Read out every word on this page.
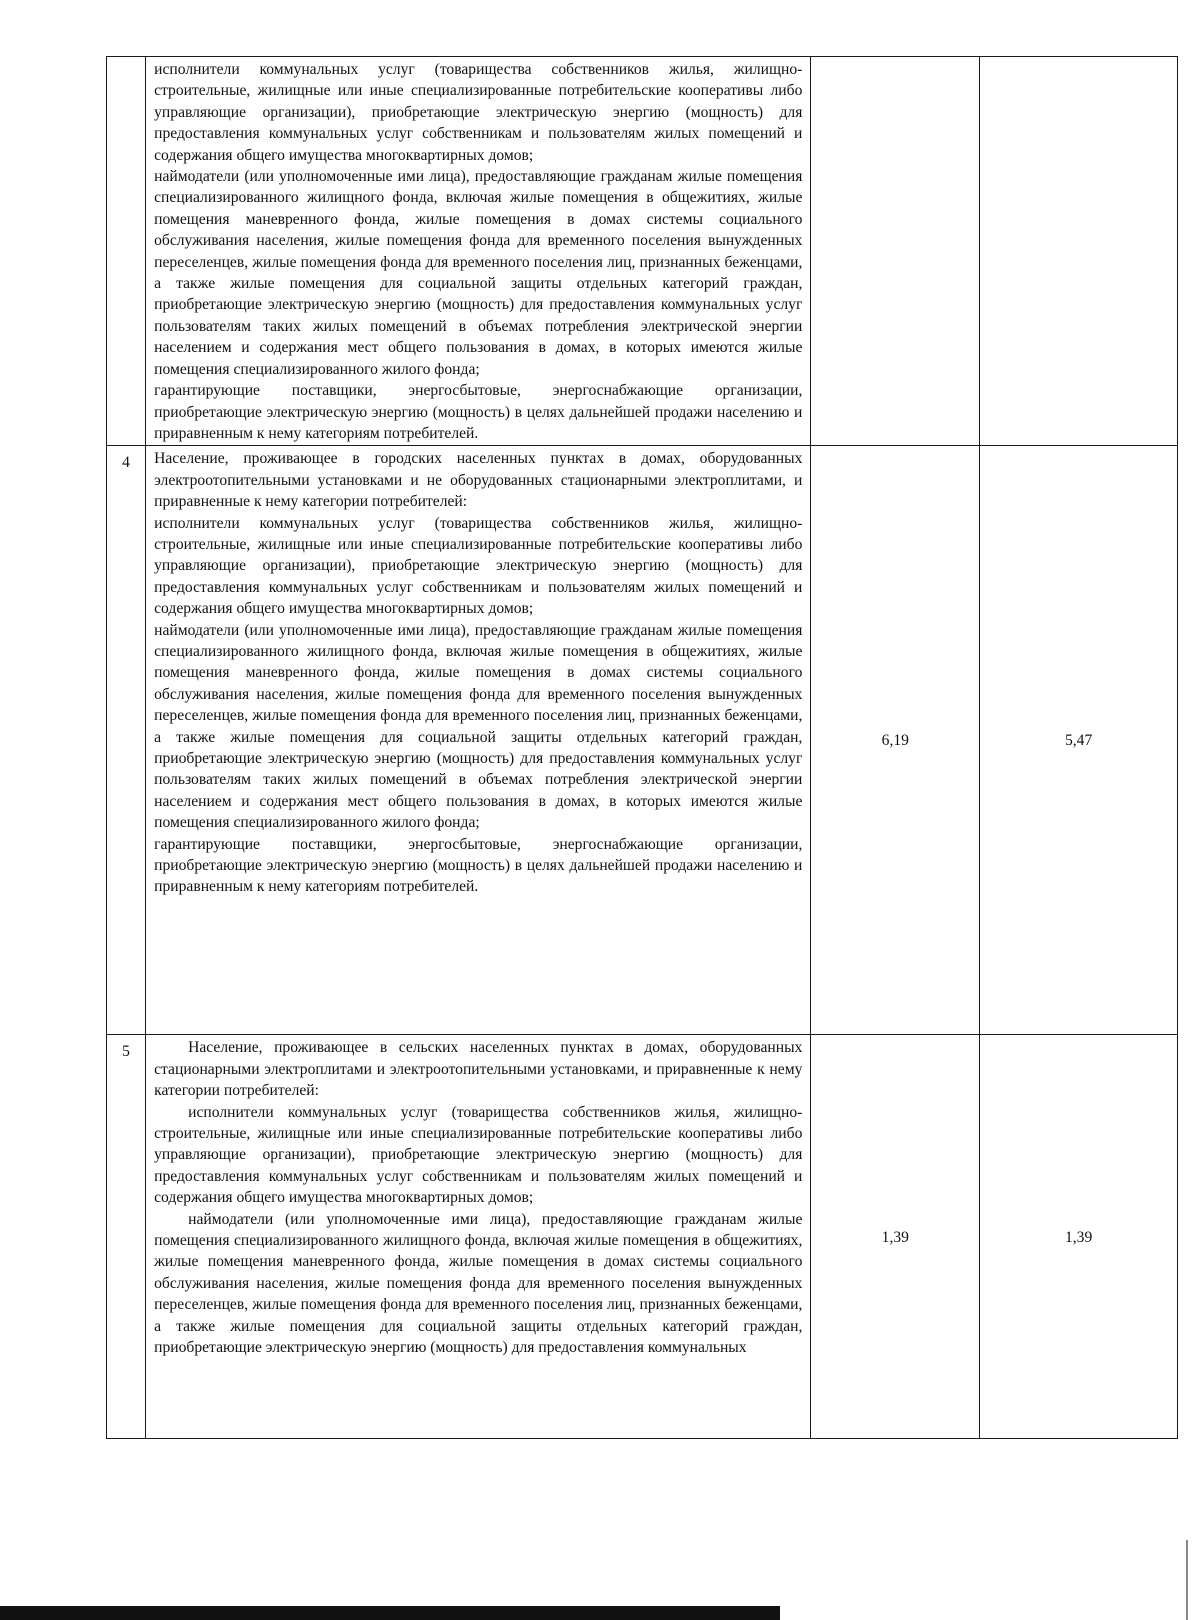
	исполнители коммунальных услуг (товарищества собственников жилья, жилищно-строительные, жилищные или иные специализированные потребительские кооперативы либо управляющие организации), приобретающие электрическую энергию (мощность) для предоставления коммунальных услуг собственникам и пользователям жилых помещений и содержания общего имущества многоквартирных домов;
наймодатели (или уполномоченные ими лица), предоставляющие гражданам жилые помещения специализированного жилищного фонда, включая жилые помещения в общежитиях, жилые помещения маневренного фонда, жилые помещения в домах системы социального обслуживания населения, жилые помещения фонда для временного поселения вынужденных переселенцев, жилые помещения фонда для временного поселения лиц, признанных беженцами, а также жилые помещения для социальной защиты отдельных категорий граждан, приобретающие электрическую энергию (мощность) для предоставления коммунальных услуг пользователям таких жилых помещений в объемах потребления электрической энергии населением и содержания мест общего пользования в домах, в которых имеются жилые помещения специализированного жилого фонда;
гарантирующие поставщики, энергосбытовые, энергоснабжающие организации, приобретающие электрическую энергию (мощность) в целях дальнейшей продажи населению и приравненным к нему категориям потребителей.		

4	Население, проживающее в городских населенных пунктах в домах, оборудованных электроотопительными установками и не оборудованных стационарными электроплитами, и приравненные к нему категории потребителей:
исполнители коммунальных услуг (товарищества собственников жилья, жилищно-строительные, жилищные или иные специализированные потребительские кооперативы либо управляющие организации), приобретающие электрическую энергию (мощность) для предоставления коммунальных услуг собственникам и пользователям жилых помещений и содержания общего имущества многоквартирных домов;
наймодатели (или уполномоченные ими лица), предоставляющие гражданам жилые помещения специализированного жилищного фонда, включая жилые помещения в общежитиях, жилые помещения маневренного фонда, жилые помещения в домах системы социального обслуживания населения, жилые помещения фонда для временного поселения вынужденных переселенцев, жилые помещения фонда для временного поселения лиц, признанных беженцами, а также жилые помещения для социальной защиты отдельных категорий граждан, приобретающие электрическую энергию (мощность) для предоставления коммунальных услуг пользователям таких жилых помещений в объемах потребления электрической энергии населением и содержания мест общего пользования в домах, в которых имеются жилые помещения специализированного жилого фонда;
гарантирующие поставщики, энергосбытовые, энергоснабжающие организации, приобретающие электрическую энергию (мощность) в целях дальнейшей продажи населению и приравненным к нему категориям потребителей.	6,19	5,47
5	Население, проживающее в сельских населенных пунктах в домах, оборудованных стационарными электроплитами и электроотопительными установками, и приравненные к нему категории потребителей:
исполнители коммунальных услуг (товарищества собственников жилья, жилищно-строительные, жилищные или иные специализированные потребительские кооперативы либо управляющие организации), приобретающие электрическую энергию (мощность) для предоставления коммунальных услуг собственникам и пользователям жилых помещений и содержания общего имущества многоквартирных домов;
наймодатели (или уполномоченные ими лица), предоставляющие гражданам жилые помещения специализированного жилищного фонда, включая жилые помещения в общежитиях, жилые помещения маневренного фонда, жилые помещения в домах системы социального обслуживания населения, жилые помещения фонда для временного поселения вынужденных переселенцев, жилые помещения фонда для временного поселения лиц, признанных беженцами, а также жилые помещения для социальной защиты отдельных категорий граждан, приобретающие электрическую энергию (мощность) для предоставления коммунальных	1,39	1,39
